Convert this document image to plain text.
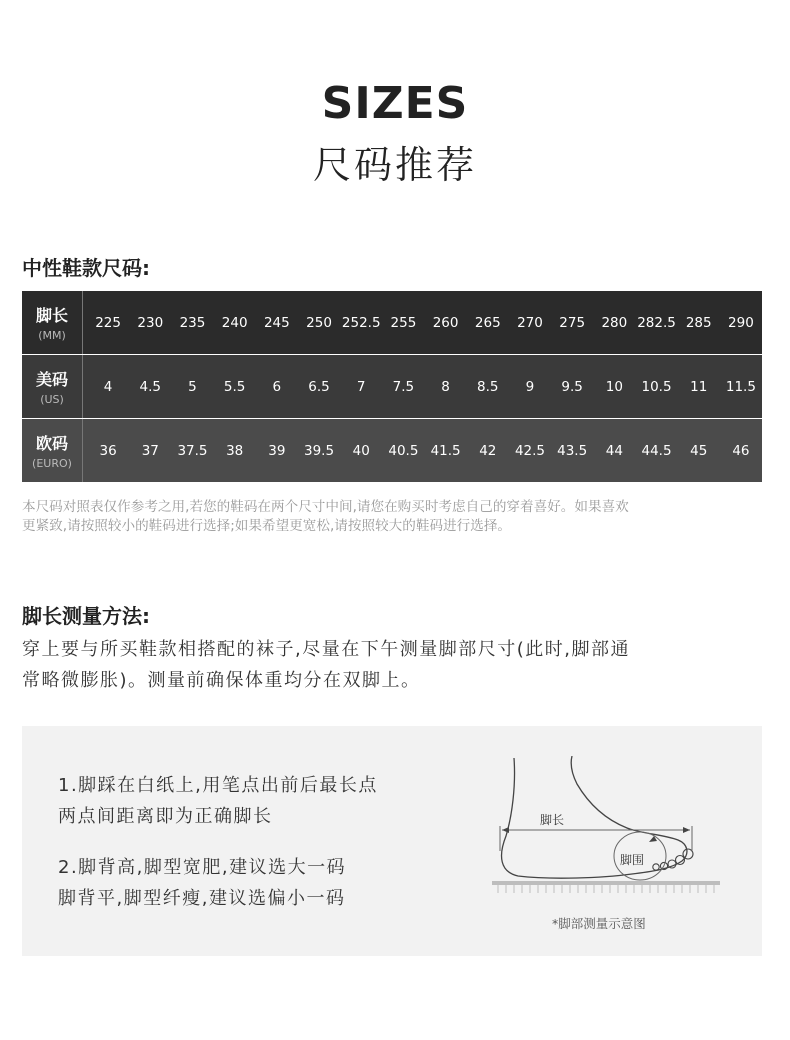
SIZES
尺码推荐
中性鞋款尺码:
脚长
(MM)
225	230	235	240	245	250 252.5 255	260	265	270	275	280 282.5 285	290
美码
(US)
4	4.5	5	5.5	6	6.5	7	7.5	8	8.5	9	9.5	10	10.5	11	11.5
欧码
(EURO)
36	37	37.5	38	39	39.5	40	40.5 41.5	42	42.5 43.5	44	44.5	45	46
本尺码对照表仅作参考之用,若您的鞋码在两个尺寸中间,请您在购买时考虑自己的穿着喜好。如果喜欢
更紧致,请按照较小的鞋码进行选择;如果希望更宽松,请按照较大的鞋码进行选择。
脚长测量方法:
穿上要与所买鞋款相搭配的袜子,尽量在下午测量脚部尺寸(此时,脚部通
常略微膨胀)。测量前确保体重均分在双脚上。
1.脚踩在白纸上,用笔点出前后最长点
两点间距离即为正确脚长
2.脚背高,脚型宽肥,建议选大一码
脚背平,脚型纤瘦,建议选偏小一码
脚长
脚围
*脚部测量示意图
